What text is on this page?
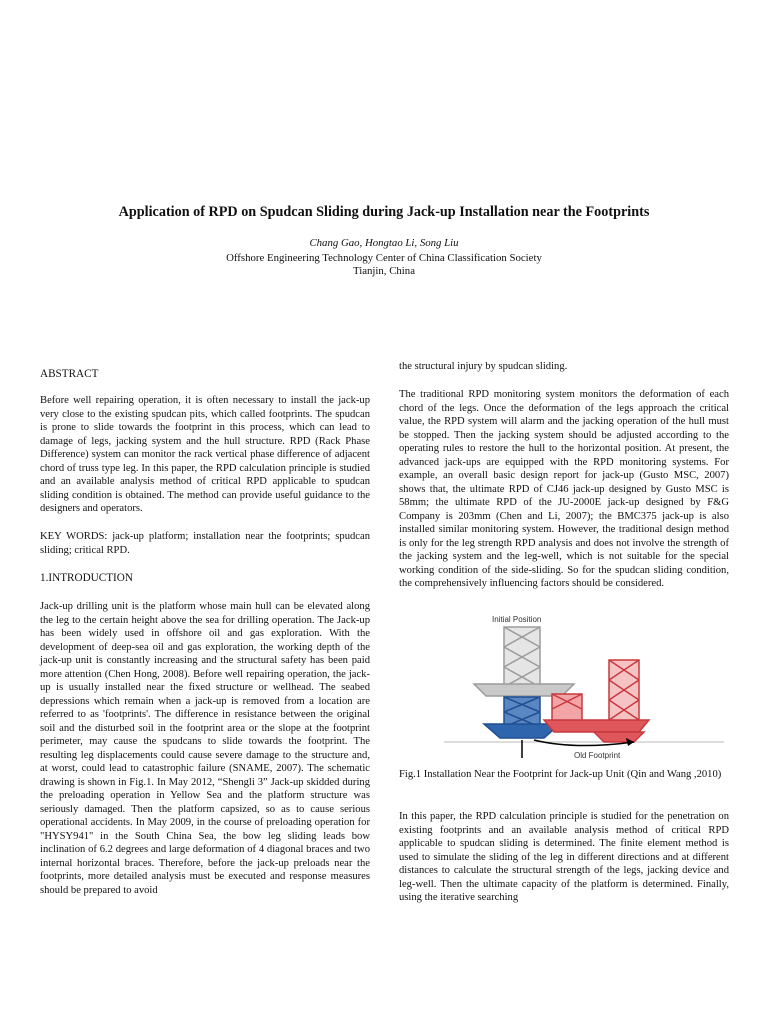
Application of RPD on Spudcan Sliding during Jack-up Installation near the Footprints
Chang Gao, Hongtao Li, Song Liu
Offshore Engineering Technology Center of China Classification Society
Tianjin, China

ABSTRACT

Before well repairing operation, it is often necessary to install the jack-up very close to the existing spudcan pits, which called footprints. The spudcan is prone to slide towards the footprint in this process, which can lead to damage of legs, jacking system and the hull structure. RPD (Rack Phase Difference) system can monitor the rack vertical phase difference of adjacent chord of truss type leg. In this paper, the RPD calculation principle is studied and an available analysis method of critical RPD applicable to spudcan sliding condition is obtained. The method can provide useful guidance to the designers and operators.

KEY WORDS: jack-up platform; installation near the footprints; spudcan sliding; critical RPD.

1.INTRODUCTION

Jack-up drilling unit is the platform whose main hull can be elevated along the leg to the certain height above the sea for drilling operation. The Jack-up has been widely used in offshore oil and gas exploration. With the development of deep-sea oil and gas exploration, the working depth of the jack-up unit is constantly increasing and the structural safety has been paid more attention (Chen Hong, 2008). Before well repairing operation, the jack-up is usually installed near the fixed structure or wellhead. The seabed depressions which remain when a jack-up is removed from a location are referred to as 'footprints'. The difference in resistance between the original soil and the disturbed soil in the footprint area or the slope at the footprint perimeter, may cause the spudcans to slide towards the footprint. The resulting leg displacements could cause severe damage to the structure and, at worst, could lead to catastrophic failure (SNAME, 2007). The schematic drawing is shown in Fig.1. In May 2012, “Shengli 3” Jack-up skidded during the preloading operation in Yellow Sea and the platform structure was seriously damaged. Then the platform capsized, so as to cause serious operational accidents. In May 2009, in the course of preloading operation for "HYSY941" in the South China Sea, the bow leg sliding leads bow inclination of 6.2 degrees and large deformation of 4 diagonal braces and two internal horizontal braces. Therefore, before the jack-up preloads near the footprints, more detailed analysis must be executed and response measures should be prepared to avoid

the structural injury by spudcan sliding.

The traditional RPD monitoring system monitors the deformation of each chord of the legs. Once the deformation of the legs approach the critical value, the RPD system will alarm and the jacking operation of the hull must be stopped. Then the jacking system should be adjusted according to the operating rules to restore the hull to the horizontal position. At present, the advanced jack-ups are equipped with the RPD monitoring systems. For example, an overall basic design report for jack-up (Gusto MSC, 2007) shows that, the ultimate RPD of CJ46 jack-up designed by Gusto MSC is 58mm; the ultimate RPD of the JU-2000E jack-up designed by F&G Company is 203mm (Chen and Li, 2007); the BMC375 jack-up is also installed similar monitoring system. However, the traditional design method is only for the leg strength RPD analysis and does not involve the strength of the jacking system and the leg-well, which is not suitable for the special working condition of the side-sliding. So for the spudcan sliding condition, the comprehensively influencing factors should be considered.

Initial Position
Old Footprint

Fig.1 Installation Near the Footprint for Jack-up Unit (Qin and Wang ,2010)

In this paper, the RPD calculation principle is studied for the penetration on existing footprints and an available analysis method of critical RPD applicable to spudcan sliding is determined. The finite element method is used to simulate the sliding of the leg in different directions and at different distances to calculate the structural strength of the legs, jacking device and leg-well. Then the ultimate capacity of the platform is determined. Finally, using the iterative searching
